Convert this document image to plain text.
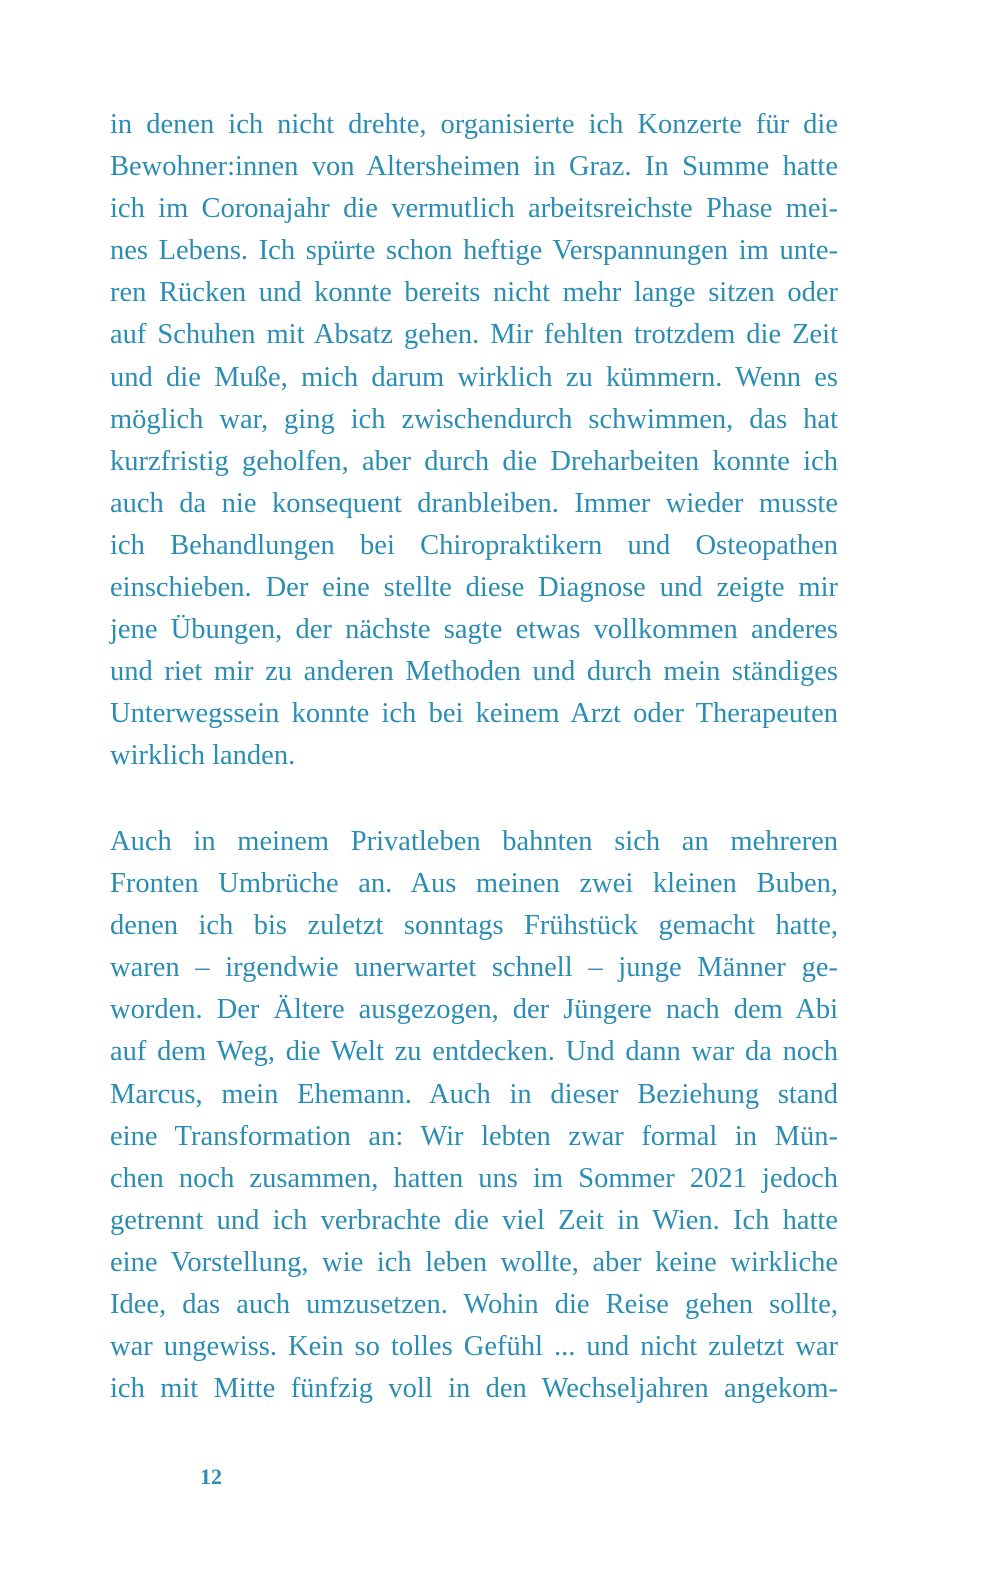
in denen ich nicht drehte, organisierte ich Konzerte für die
Bewohner:innen von Altersheimen in Graz. In Summe hatte
ich im Coronajahr die vermutlich arbeitsreichste Phase mei-
nes Lebens. Ich spürte schon heftige Verspannungen im unte-
ren Rücken und konnte bereits nicht mehr lange sitzen oder
auf Schuhen mit Absatz gehen. Mir fehlten trotzdem die Zeit
und die Muße, mich darum wirklich zu kümmern. Wenn es
möglich war, ging ich zwischendurch schwimmen, das hat
kurzfristig geholfen, aber durch die Dreharbeiten konnte ich
auch da nie konsequent dranbleiben. Immer wieder musste
ich Behandlungen bei Chiropraktikern und Osteopathen
einschieben. Der eine stellte diese Diagnose und zeigte mir
jene Übungen, der nächste sagte etwas vollkommen anderes
und riet mir zu anderen Methoden und durch mein ständiges
Unterwegssein konnte ich bei keinem Arzt oder Therapeuten
wirklich landen.
Auch in meinem Privatleben bahnten sich an mehreren
Fronten Umbrüche an. Aus meinen zwei kleinen Buben,
denen ich bis zuletzt sonntags Frühstück gemacht hatte,
waren – irgendwie unerwartet schnell – junge Männer ge-
worden. Der Ältere ausgezogen, der Jüngere nach dem Abi
auf dem Weg, die Welt zu entdecken. Und dann war da noch
Marcus, mein Ehemann. Auch in dieser Beziehung stand
eine Transformation an: Wir lebten zwar formal in Mün-
chen noch zusammen, hatten uns im Sommer 2021 jedoch
getrennt und ich verbrachte die viel Zeit in Wien. Ich hatte
eine Vorstellung, wie ich leben wollte, aber keine wirkliche
Idee, das auch umzusetzen. Wohin die Reise gehen sollte,
war ungewiss. Kein so tolles Gefühl ... und nicht zuletzt war
ich mit Mitte fünfzig voll in den Wechseljahren angekom-
12
